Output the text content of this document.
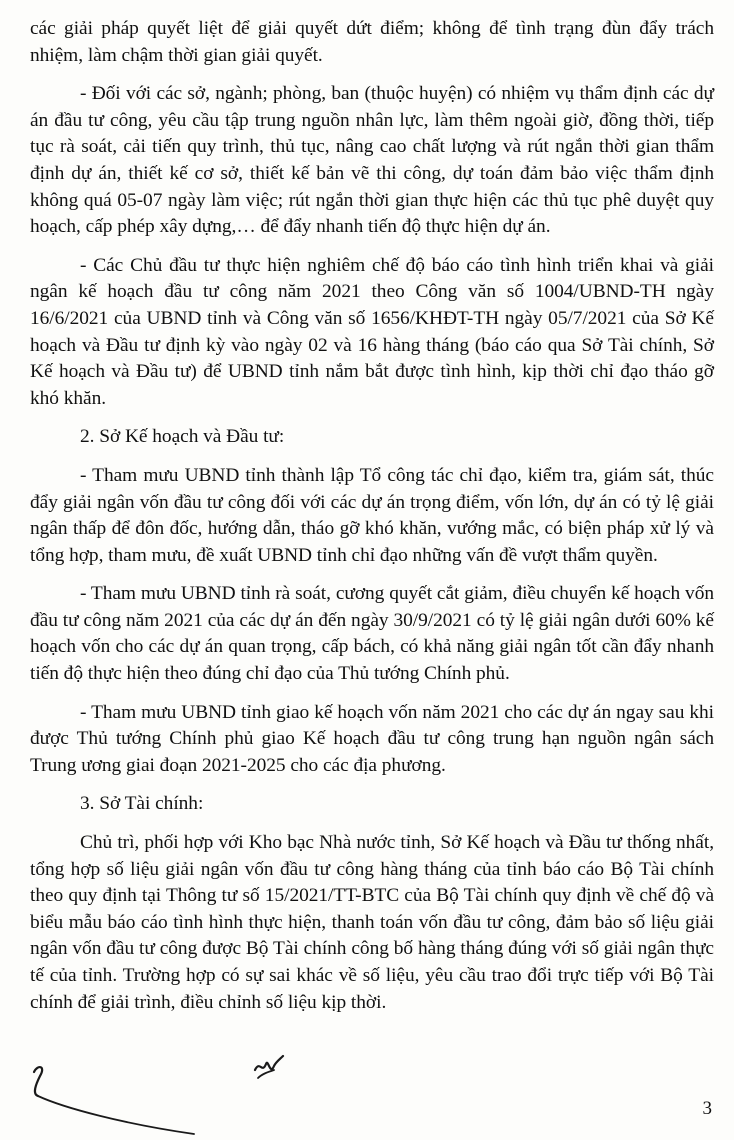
các giải pháp quyết liệt để giải quyết dứt điểm; không để tình trạng đùn đẩy trách nhiệm, làm chậm thời gian giải quyết.

- Đối với các sở, ngành; phòng, ban (thuộc huyện) có nhiệm vụ thẩm định các dự án đầu tư công, yêu cầu tập trung nguồn nhân lực, làm thêm ngoài giờ, đồng thời, tiếp tục rà soát, cải tiến quy trình, thủ tục, nâng cao chất lượng và rút ngắn thời gian thẩm định dự án, thiết kế cơ sở, thiết kế bản vẽ thi công, dự toán đảm bảo việc thẩm định không quá 05-07 ngày làm việc; rút ngắn thời gian thực hiện các thủ tục phê duyệt quy hoạch, cấp phép xây dựng,… để đẩy nhanh tiến độ thực hiện dự án.

- Các Chủ đầu tư thực hiện nghiêm chế độ báo cáo tình hình triển khai và giải ngân kế hoạch đầu tư công năm 2021 theo Công văn số 1004/UBND-TH ngày 16/6/2021 của UBND tỉnh và Công văn số 1656/KHĐT-TH ngày 05/7/2021 của Sở Kế hoạch và Đầu tư định kỳ vào ngày 02 và 16 hàng tháng (báo cáo qua Sở Tài chính, Sở Kế hoạch và Đầu tư) để UBND tỉnh nắm bắt được tình hình, kịp thời chỉ đạo tháo gỡ khó khăn.

2. Sở Kế hoạch và Đầu tư:

- Tham mưu UBND tỉnh thành lập Tổ công tác chỉ đạo, kiểm tra, giám sát, thúc đẩy giải ngân vốn đầu tư công đối với các dự án trọng điểm, vốn lớn, dự án có tỷ lệ giải ngân thấp để đôn đốc, hướng dẫn, tháo gỡ khó khăn, vướng mắc, có biện pháp xử lý và tổng hợp, tham mưu, đề xuất UBND tỉnh chỉ đạo những vấn đề vượt thẩm quyền.

- Tham mưu UBND tỉnh rà soát, cương quyết cắt giảm, điều chuyển kế hoạch vốn đầu tư công năm 2021 của các dự án đến ngày 30/9/2021 có tỷ lệ giải ngân dưới 60% kế hoạch vốn cho các dự án quan trọng, cấp bách, có khả năng giải ngân tốt cần đẩy nhanh tiến độ thực hiện theo đúng chỉ đạo của Thủ tướng Chính phủ.

- Tham mưu UBND tỉnh giao kế hoạch vốn năm 2021 cho các dự án ngay sau khi được Thủ tướng Chính phủ giao Kế hoạch đầu tư công trung hạn nguồn ngân sách Trung ương giai đoạn 2021-2025 cho các địa phương.

3. Sở Tài chính:

Chủ trì, phối hợp với Kho bạc Nhà nước tỉnh, Sở Kế hoạch và Đầu tư thống nhất, tổng hợp số liệu giải ngân vốn đầu tư công hàng tháng của tỉnh báo cáo Bộ Tài chính theo quy định tại Thông tư số 15/2021/TT-BTC của Bộ Tài chính quy định về chế độ và biểu mẫu báo cáo tình hình thực hiện, thanh toán vốn đầu tư công, đảm bảo số liệu giải ngân vốn đầu tư công được Bộ Tài chính công bố hàng tháng đúng với số giải ngân thực tế của tỉnh. Trường hợp có sự sai khác về số liệu, yêu cầu trao đổi trực tiếp với Bộ Tài chính để giải trình, điều chỉnh số liệu kịp thời.

3
